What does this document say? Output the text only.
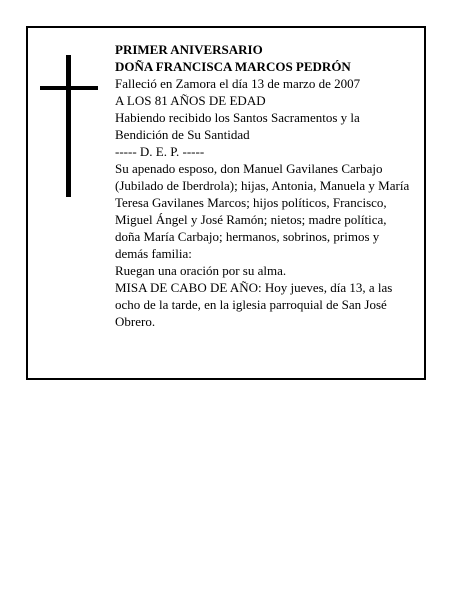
PRIMER ANIVERSARIO

DOÑA FRANCISCA MARCOS PEDRÓN

Falleció en Zamora el día 13 de marzo de 2007

A LOS 81 AÑOS DE EDAD

Habiendo recibido los Santos Sacramentos y la Bendición de Su Santidad

----- D. E. P. -----

Su apenado esposo, don Manuel Gavilanes Carbajo (Jubilado de Iberdrola); hijas, Antonia, Manuela y María Teresa Gavilanes Marcos; hijos políticos, Francisco, Miguel Ángel y José Ramón; nietos; madre política, doña María Carbajo; hermanos, sobrinos, primos y demás familia:

Ruegan una oración por su alma.

MISA DE CABO DE AÑO: Hoy jueves, día 13, a las ocho de la tarde, en la iglesia parroquial de San José Obrero.
